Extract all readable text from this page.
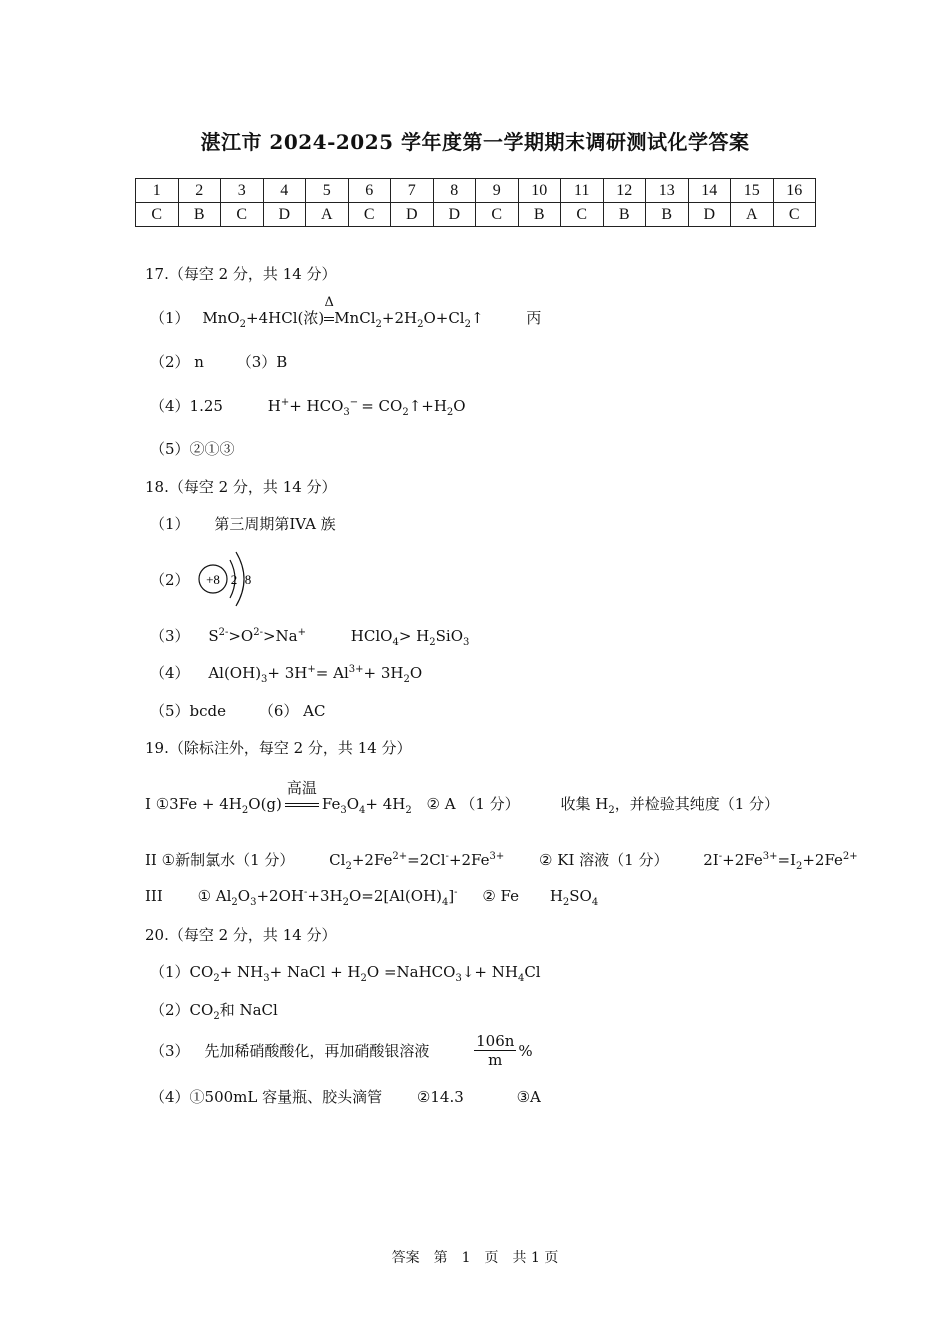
湛江市 2024-2025 学年度第一学期期末调研测试化学答案
1	2	3	4	5	6	7	8	9	10	11	12	13	14	15	16
C	B	C	D	A	C	D	D	C	B	C	B	B	D	A	C
17.（每空 2 分，共 14 分）
（1） MnO$_2$+4HCl(浓)
Δ
$MnCl_2+2H_2O+Cl_2↑$	丙
（2） n （3）B
（4）1.25	$H^++ HCO_3^-$ = $CO_2↑+H_2O$
（5）②①③
18.（每空 2 分，共 14 分）
（1） 第三周期第IVA 族
（2） +8 2 8
（3） $S^{2-}>O^{2-}>Na^+$	HClO$_4$> $H_2SiO_3$
（4） $Al(OH)_3+ 3H^+= Al^{3+}+ 3H_2O$
（5）bcde （6） AC
19.（除标注外，每空 2 分，共 14 分）
I ①3Fe + $4H_2O(g)$
高温
$Fe_3O_4+ 4H_2$ ② A （1 分）	收集 $H_2$，并检验其纯度（1 分）
II ①新制氯水（1 分） $Cl_2+2Fe^{2+}=2Cl^-+2Fe^{3+}$ ② KI 溶液（1 分） $2I^-+2Fe^{3+}=I_2+2Fe^{2+}$
III ① $Al_2O_3+2OH^-+3H_2O=2[Al(OH)_4]^-$ ② Fe $H_2SO_4$
20.（每空 2 分，共 14 分）
$(1)CO_2+ NH_3+$ NaCl + $H_2O$ =NaHCO$_3$↓+ $NH_4Cl$
$(2)CO_2$和 NaCl
（3） 先加稀硝酸酸化，再加硝酸银溶液	$\frac{106n}{m}$ %
（4）①500mL 容量瓶、胶头滴管 ②14.3	③A
答案　第　1　页　共 1 页
